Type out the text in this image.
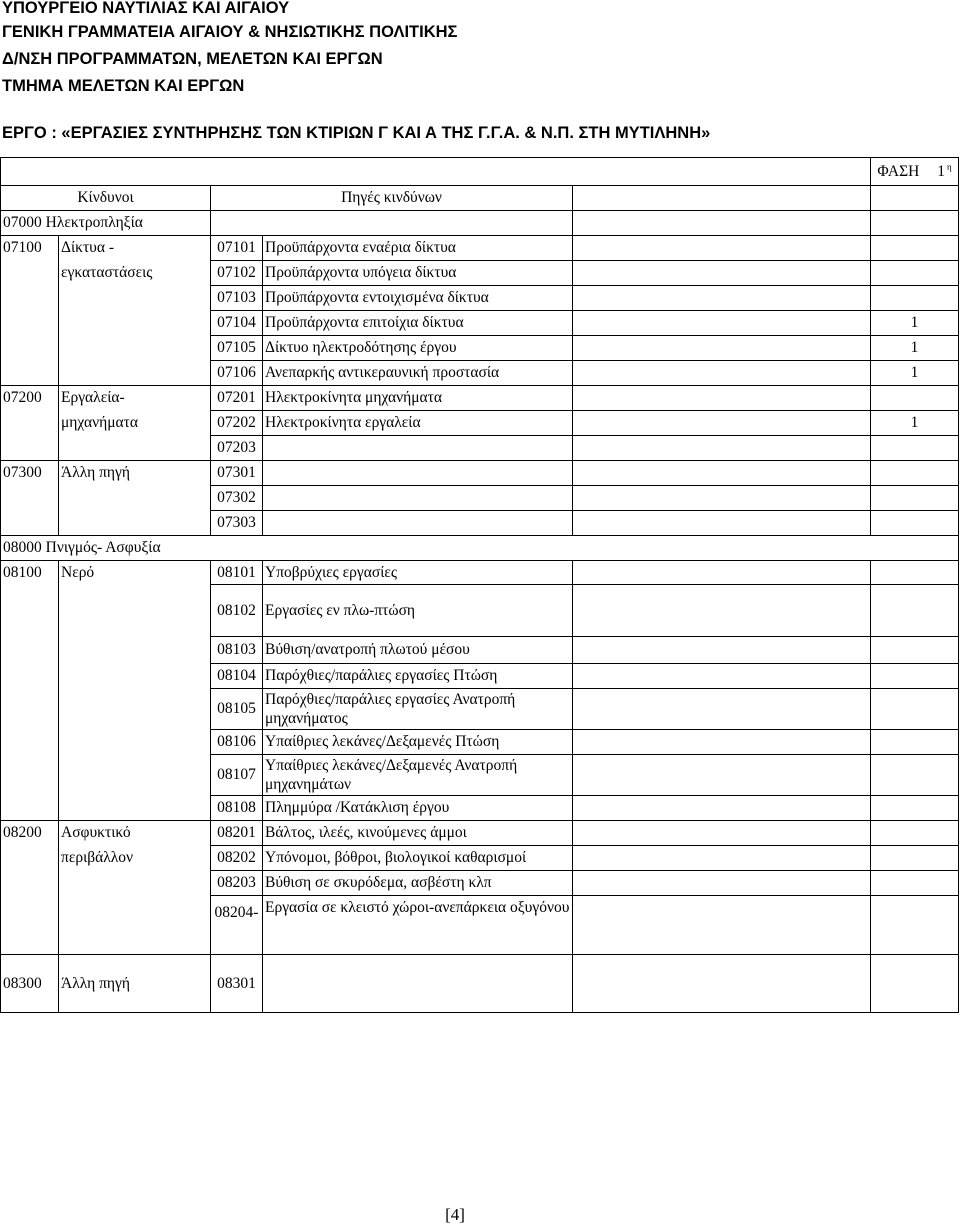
ΥΠΟΥΡΓΕΙΟ ΝΑΥΤΙΛΙΑΣ ΚΑΙ ΑΙΓΑΙΟΥ
ΓΕΝΙΚΗ ΓΡΑΜΜΑΤΕΙΑ ΑΙΓΑΙΟΥ & ΝΗΣΙΩΤΙΚΗΣ ΠΟΛΙΤΙΚΗΣ
Δ/ΝΣΗ ΠΡΟΓΡΑΜΜΑΤΩΝ, ΜΕΛΕΤΩΝ ΚΑΙ ΕΡΓΩΝ
ΤΜΗΜΑ ΜΕΛΕΤΩΝ ΚΑΙ ΕΡΓΩΝ
ΕΡΓΟ : «ΕΡΓΑΣΙΕΣ ΣΥΝΤΗΡΗΣΗΣ ΤΩΝ ΚΤΙΡΙΩΝ Γ ΚΑΙ Α ΤΗΣ Γ.Γ.Α. & Ν.Π. ΣΤΗ ΜΥΤΙΛΗΝΗ»
					ΦΑΣΗ 1 $^\eta$
Κίνδυνοι		Πηγές κινδύνων			
07000 Ηλεκτροπληξία					
07100	Δίκτυα -	07101	Προϋπάρχοντα εναέρια δίκτυα		
	εγκαταστάσεις	07102	Προϋπάρχοντα υπόγεια δίκτυα		
		07103	Προϋπάρχοντα εντοιχισμένα δίκτυα		
		07104	Προϋπάρχοντα επιτοίχια δίκτυα		1
		07105	Δίκτυο ηλεκτροδότησης έργου		1
		07106	Ανεπαρκής αντικεραυνική προστασία		1
07200	Εργαλεία-	07201	Ηλεκτροκίνητα μηχανήματα		
	μηχανήματα	07202	Ηλεκτροκίνητα εργαλεία		1
		07203			
07300	Άλλη πηγή	07301			
		07302			
		07303			
08000 Πνιγμός- Ασφυξία					
08100	Νερό	08101	Υποβρύχιες εργασίες		
		08102	Εργασίες εν πλω-πτώση		
		08103	Βύθιση/ανατροπή πλωτού μέσου		
		08104	Παρόχθιες/παράλιες εργασίες Πτώση		
		08105	Παρόχθιες/παράλιες εργασίες Ανατροπή μηχανήματος		
		08106	Υπαίθριες λεκάνες/Δεξαμενές Πτώση		
		08107	Υπαίθριες λεκάνες/Δεξαμενές Ανατροπή μηχανημάτων		
		08108	Πλημμύρα /Κατάκλιση έργου		
08200	Ασφυκτικό	08201	Βάλτος, ιλεές, κινούμενες άμμοι		
	περιβάλλον	08202	Υπόνομοι, βόθροι, βιολογικοί καθαρισμοί		
		08203	Βύθιση σε σκυρόδεμα, ασβέστη κλπ		
		08204-	Εργασία σε κλειστό χώροι-ανεπάρκεια οξυγόνου		
08300	Άλλη πηγή	08301			
[4]
